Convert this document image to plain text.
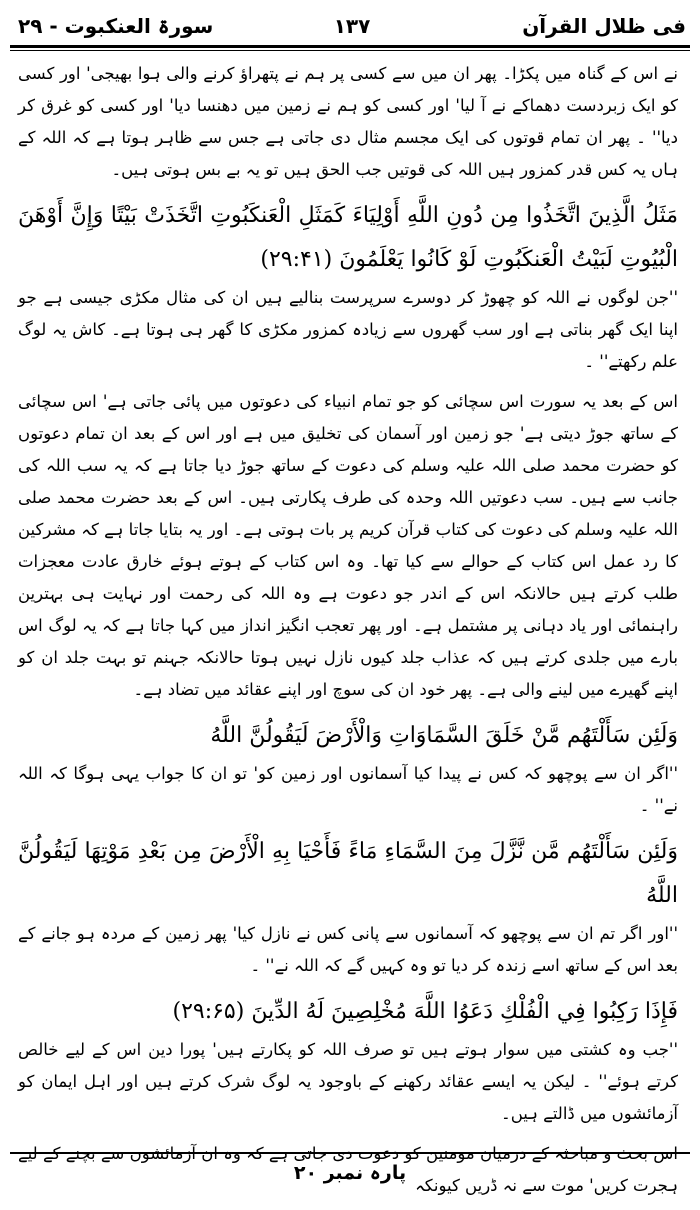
فی ظلال القرآن
۱۳۷
سورۃ العنکبوت - ۲۹

نے اس کے گناہ میں پکڑا۔ پھر ان میں سے کسی پر ہم نے پتھراؤ کرنے والی ہوا بھیجی' اور کسی کو ایک زبردست دھماکے نے آ لیا' اور کسی کو ہم نے زمین میں دھنسا دیا' اور کسی کو غرق کر دیا'' ۔ پھر ان تمام قوتوں کی ایک مجسم مثال دی جاتی ہے جس سے ظاہر ہوتا ہے کہ اللہ کے ہاں یہ کس قدر کمزور ہیں اللہ کی قوتیں جب الحق ہیں تو یہ بے بس ہوتی ہیں۔

مَثَلُ الَّذِينَ اتَّخَذُوا مِن دُونِ اللَّهِ أَوْلِيَاءَ كَمَثَلِ الْعَنكَبُوتِ اتَّخَذَتْ بَيْتًا وَإِنَّ أَوْهَنَ الْبُيُوتِ لَبَيْتُ الْعَنكَبُوتِ لَوْ كَانُوا يَعْلَمُونَ (۲۹:۴۱)

''جن لوگوں نے اللہ کو چھوڑ کر دوسرے سرپرست بنالیے ہیں ان کی مثال مکڑی جیسی ہے جو اپنا ایک گھر بناتی ہے اور سب گھروں سے زیادہ کمزور مکڑی کا گھر ہی ہوتا ہے۔ کاش یہ لوگ علم رکھتے'' ۔

اس کے بعد یہ سورت اس سچائی کو جو تمام انبیاء کی دعوتوں میں پائی جاتی ہے' اس سچائی کے ساتھ جوڑ دیتی ہے' جو زمین اور آسمان کی تخلیق میں ہے اور اس کے بعد ان تمام دعوتوں کو حضرت محمد صلی اللہ علیہ وسلم کی دعوت کے ساتھ جوڑ دیا جاتا ہے کہ یہ سب اللہ کی جانب سے ہیں۔ سب دعوتیں اللہ وحدہ کی طرف پکارتی ہیں۔ اس کے بعد حضرت محمد صلی اللہ علیہ وسلم کی دعوت کی کتاب قرآن کریم پر بات ہوتی ہے۔ اور یہ بتایا جاتا ہے کہ مشرکین کا رد عمل اس کتاب کے حوالے سے کیا تھا۔ وہ اس کتاب کے ہوتے ہوئے خارق عادت معجزات طلب کرتے ہیں حالانکہ اس کے اندر جو دعوت ہے وہ اللہ کی رحمت اور نہایت ہی بہترین راہنمائی اور یاد دہانی پر مشتمل ہے۔ اور پھر تعجب انگیز انداز میں کہا جاتا ہے کہ یہ لوگ اس بارے میں جلدی کرتے ہیں کہ عذاب جلد کیوں نازل نہیں ہوتا حالانکہ جہنم تو بہت جلد ان کو اپنے گھیرے میں لینے والی ہے۔ پھر خود ان کی سوچ اور اپنے عقائد میں تضاد ہے۔

وَلَئِن سَأَلْتَهُم مَّنْ خَلَقَ السَّمَاوَاتِ وَالْأَرْضَ لَيَقُولُنَّ اللَّهُ

''اگر ان سے پوچھو کہ کس نے پیدا کیا آسمانوں اور زمین کو' تو ان کا جواب یہی ہوگا کہ اللہ نے'' ۔

وَلَئِن سَأَلْتَهُم مَّن نَّزَّلَ مِنَ السَّمَاءِ مَاءً فَأَحْيَا بِهِ الْأَرْضَ مِن بَعْدِ مَوْتِهَا لَيَقُولُنَّ اللَّهُ

''اور اگر تم ان سے پوچھو کہ آسمانوں سے پانی کس نے نازل کیا' پھر زمین کے مردہ ہو جانے کے بعد اس کے ساتھ اسے زندہ کر دیا تو وہ کہیں گے کہ اللہ نے'' ۔

فَإِذَا رَكِبُوا فِي الْفُلْكِ دَعَوُا اللَّهَ مُخْلِصِينَ لَهُ الدِّينَ (۲۹:۶۵)

''جب وہ کشتی میں سوار ہوتے ہیں تو صرف اللہ کو پکارتے ہیں' پورا دین اس کے لیے خالص کرتے ہوئے'' ۔ لیکن یہ ایسے عقائد رکھنے کے باوجود یہ لوگ شرک کرتے ہیں اور اہل ایمان کو آزمائشوں میں ڈالتے ہیں۔

اس بحث و مباحثہ کے درمیان مومنین کو دعوت دی جاتی ہے کہ وہ ان آزمائشوں سے بچنے کے لیے ہجرت کریں' موت سے نہ ڈریں کیونکہ

پارہ نمبر ۲۰
